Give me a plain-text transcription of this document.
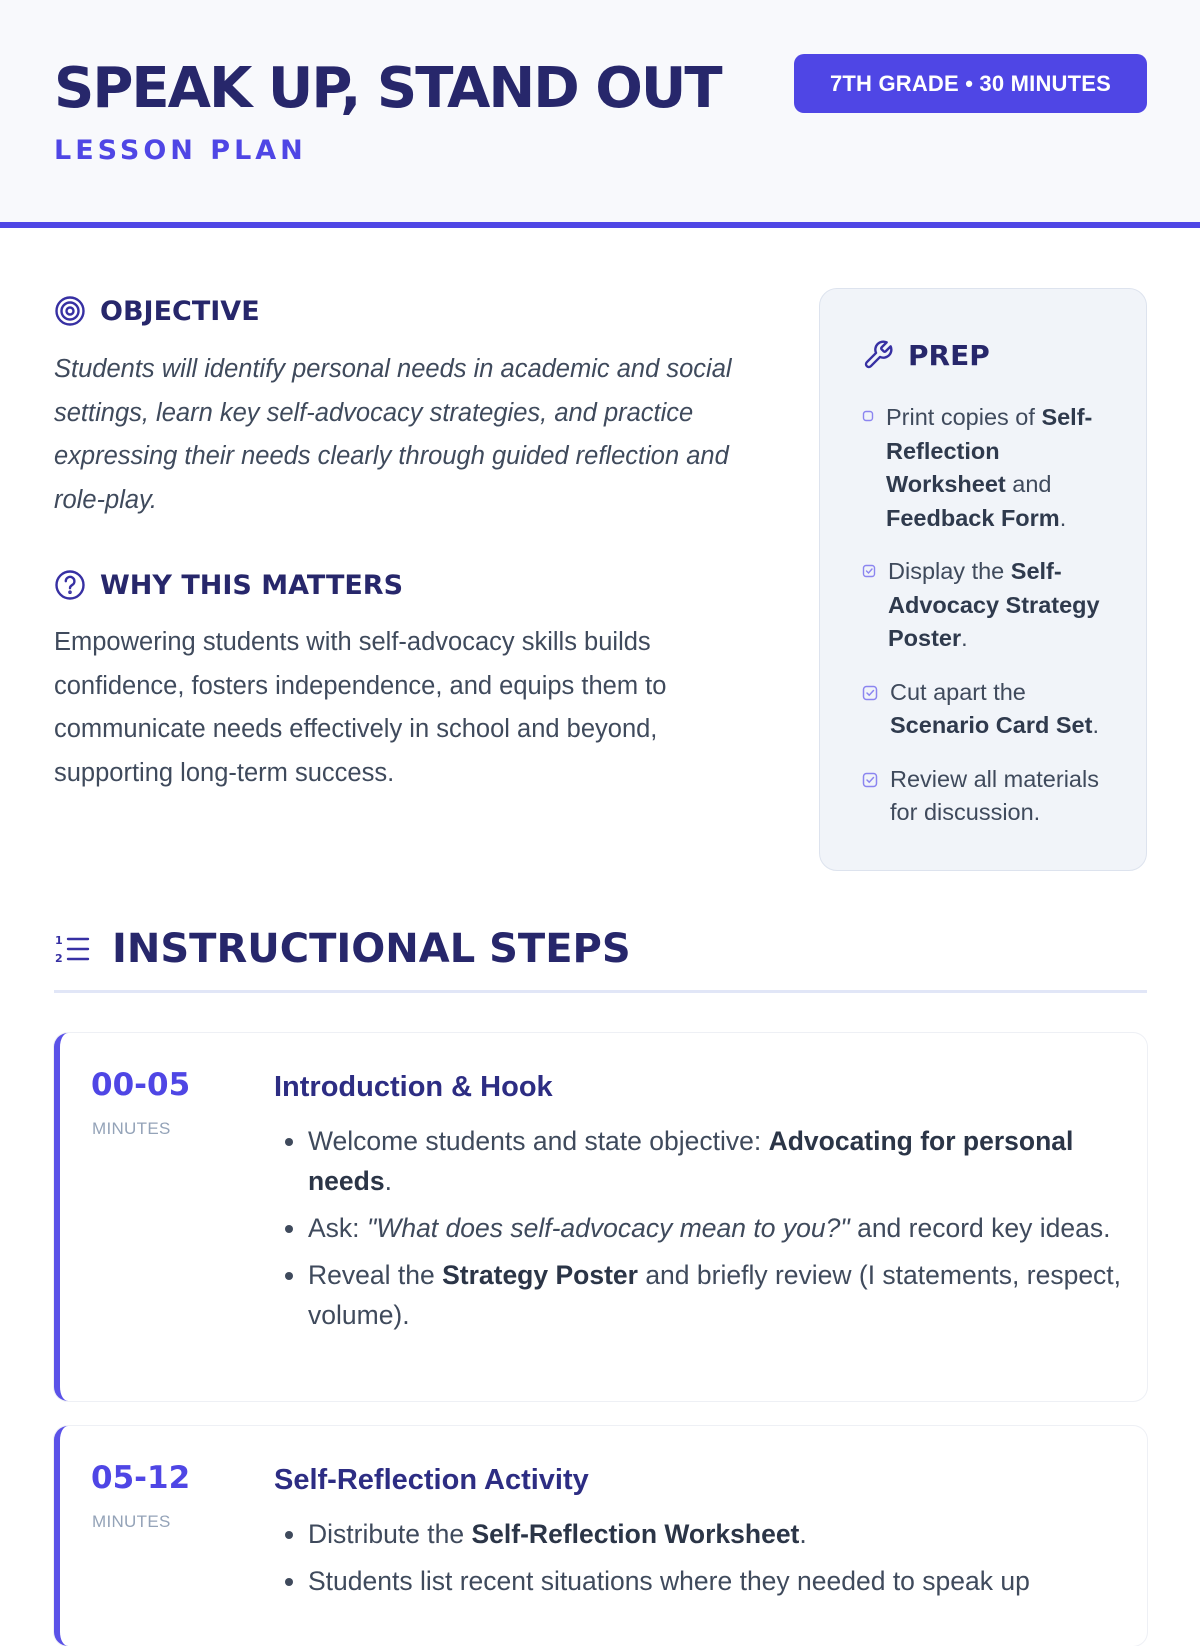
SPEAK UP, STAND OUT
LESSON PLAN
7TH GRADE • 30 MINUTES
OBJECTIVE

Students will identify personal needs in academic and social settings, learn key self-advocacy strategies, and practice expressing their needs clearly through guided reflection and role-play.

WHY THIS MATTERS

Empowering students with self-advocacy skills builds confidence, fosters independence, and equips them to communicate needs effectively in school and beyond, supporting long-term success.

PREP
Print copies of Self-Reflection Worksheet and Feedback Form.
Display the Self-Advocacy Strategy Poster.
Cut apart the Scenario Card Set.
Review all materials for discussion.
1
2 INSTRUCTIONAL STEPS
00-05
MINUTES
Introduction & Hook
• Welcome students and state objective: Advocating for personal needs.
• Ask: "What does self-advocacy mean to you?" and record key ideas.
• Reveal the Strategy Poster and briefly review (I statements, respect, volume).
05-12
MINUTES
Self-Reflection Activity
• Distribute the Self-Reflection Worksheet.
• Students list recent situations where they needed to speak up
